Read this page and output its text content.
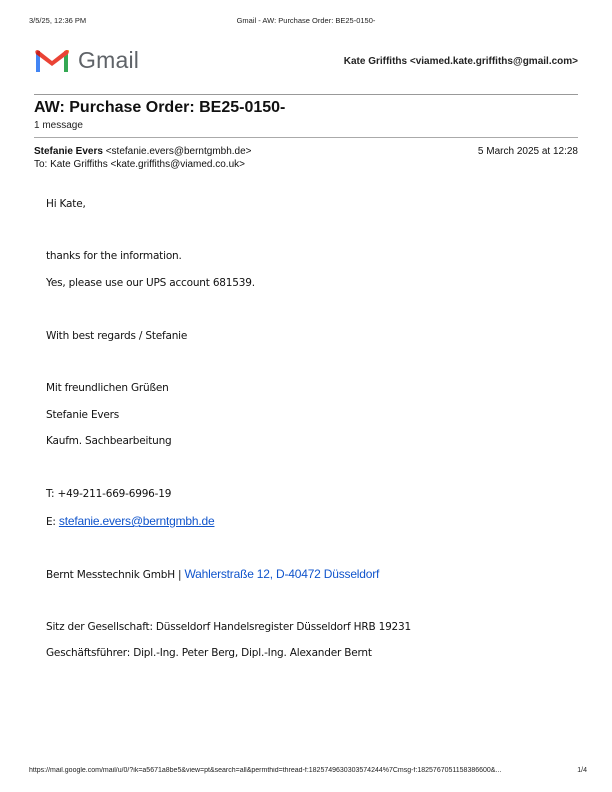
3/5/25, 12:36 PM	Gmail - AW: Purchase Order: BE25-0150-
Gmail	Kate Griffiths <viamed.kate.griffiths@gmail.com>
AW: Purchase Order: BE25-0150-
1 message
Stefanie Evers <stefanie.evers@berntgmbh.de>	5 March 2025 at 12:28
To: Kate Griffiths <kate.griffiths@viamed.co.uk>
Hi Kate,
thanks for the information.
Yes, please use our UPS account 681539.
With best regards / Stefanie
Mit freundlichen Grüßen
Stefanie Evers
Kaufm. Sachbearbeitung
T: +49-211-669-6996-19
E: stefanie.evers@berntgmbh.de
Bernt Messtechnik GmbH | Wahlerstraße 12, D-40472 Düsseldorf
Sitz der Gesellschaft: Düsseldorf Handelsregister Düsseldorf HRB 19231
Geschäftsführer: Dipl.-Ing. Peter Berg, Dipl.-Ing. Alexander Bernt
https://mail.google.com/mail/u/0/?ik=a5671a8be5&view=pt&search=all&permthid=thread-f:1825749630303574244%7Cmsg-f:1825767051158386600&...	1/4
